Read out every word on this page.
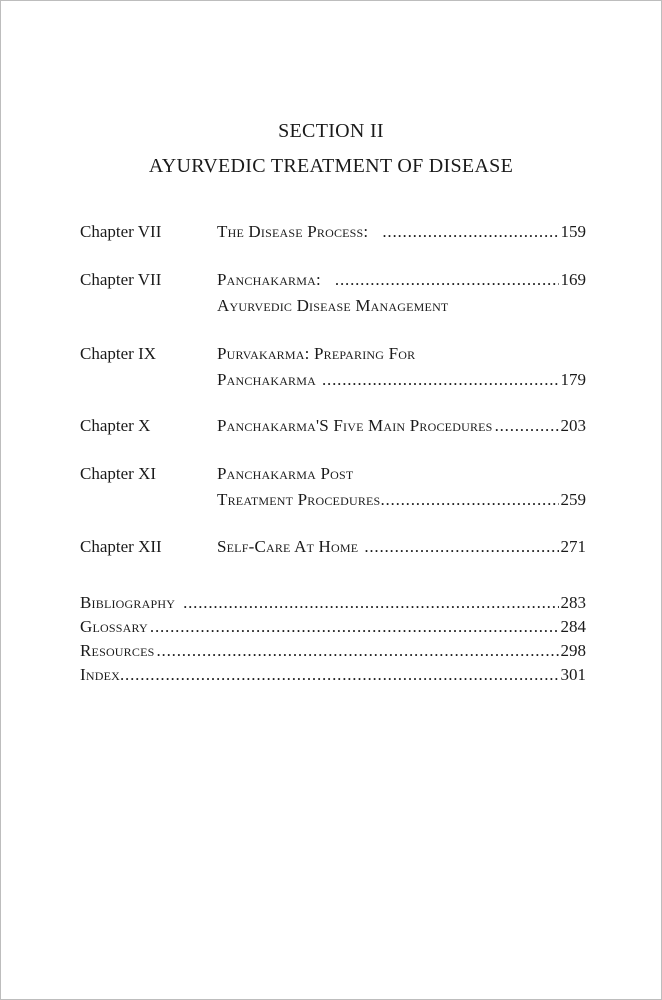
SECTION II
AYURVEDIC TREATMENT OF DISEASE
Chapter VII	The Disease Process: .....	159
Chapter VII	Panchakarma: .....	169
Ayurvedic Disease Management
Chapter IX	Purvakarma: Preparing For
Panchakarma .....	179
Chapter X	Panchakarma'S Five Main Procedures .....	203
Chapter XI	Panchakarma Post
Treatment Procedures .....	259
Chapter XII	Self-Care At Home .....	271
Bibliography .....	283
Glossary .....	284
Resources .....	298
Index .....	301
